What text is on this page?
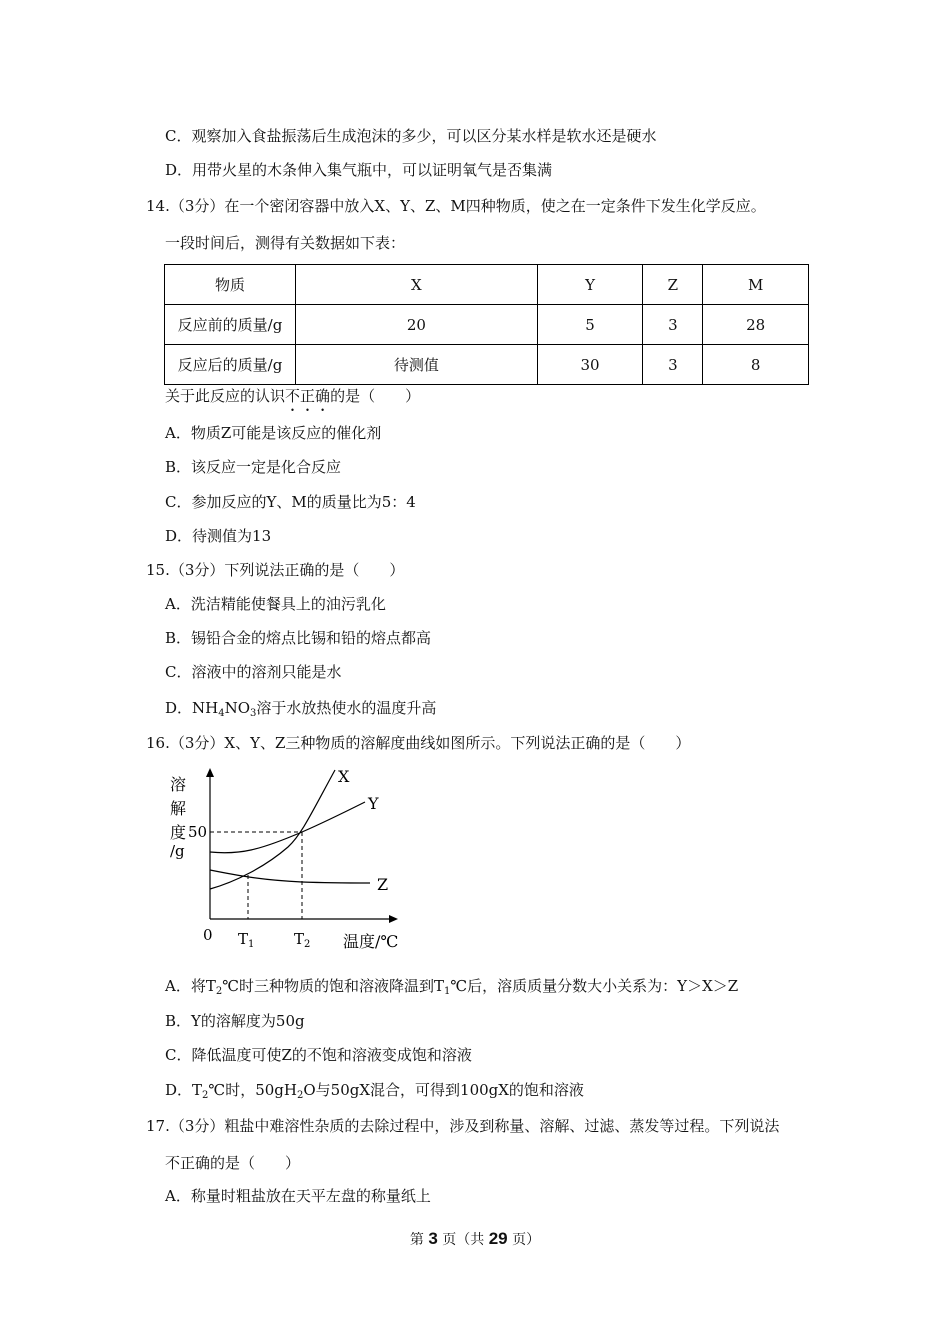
C．观察加入食盐振荡后生成泡沫的多少，可以区分某水样是软水还是硬水
D．用带火星的木条伸入集气瓶中，可以证明氧气是否集满
14.（3分）在一个密闭容器中放入X、Y、Z、M四种物质，使之在一定条件下发生化学反应。
一段时间后，测得有关数据如下表：
物质	X	Y	Z	M
反应前的质量/g	20	5	3	28
反应后的质量/g	待测值	30	3	8
关于此反应的认识不正确的是（　　）
A．物质Z可能是该反应的催化剂
B．该反应一定是化合反应
C．参加反应的Y、M的质量比为5：4
D．待测值为13
15.（3分）下列说法正确的是（　　）
A．洗洁精能使餐具上的油污乳化
B．锡铅合金的熔点比锡和铅的熔点都高
C．溶液中的溶剂只能是水
D．$NH_4NO_3$溶于水放热使水的温度升高
16.（3分）X、Y、Z三种物质的溶解度曲线如图所示。下列说法正确的是（　　）
溶
解
度
/g
X
Y
Z
50
0 $T_1$	$T_2$ 温度/℃
A．将$T_2℃$时三种物质的饱和溶液降温到$T_1℃$后，溶质质量分数大小关系为：Y＞X＞Z
B．Y的溶解度为50g
C．降低温度可使Z的不饱和溶液变成饱和溶液
D．$T_2℃$时，$50gH_2O$与50gX混合，可得到100gX的饱和溶液
17.（3分）粗盐中难溶性杂质的去除过程中，涉及到称量、溶解、过滤、蒸发等过程。下列说法
不正确的是（　　）
A．称量时粗盐放在天平左盘的称量纸上
第 3 页（共 29 页）
